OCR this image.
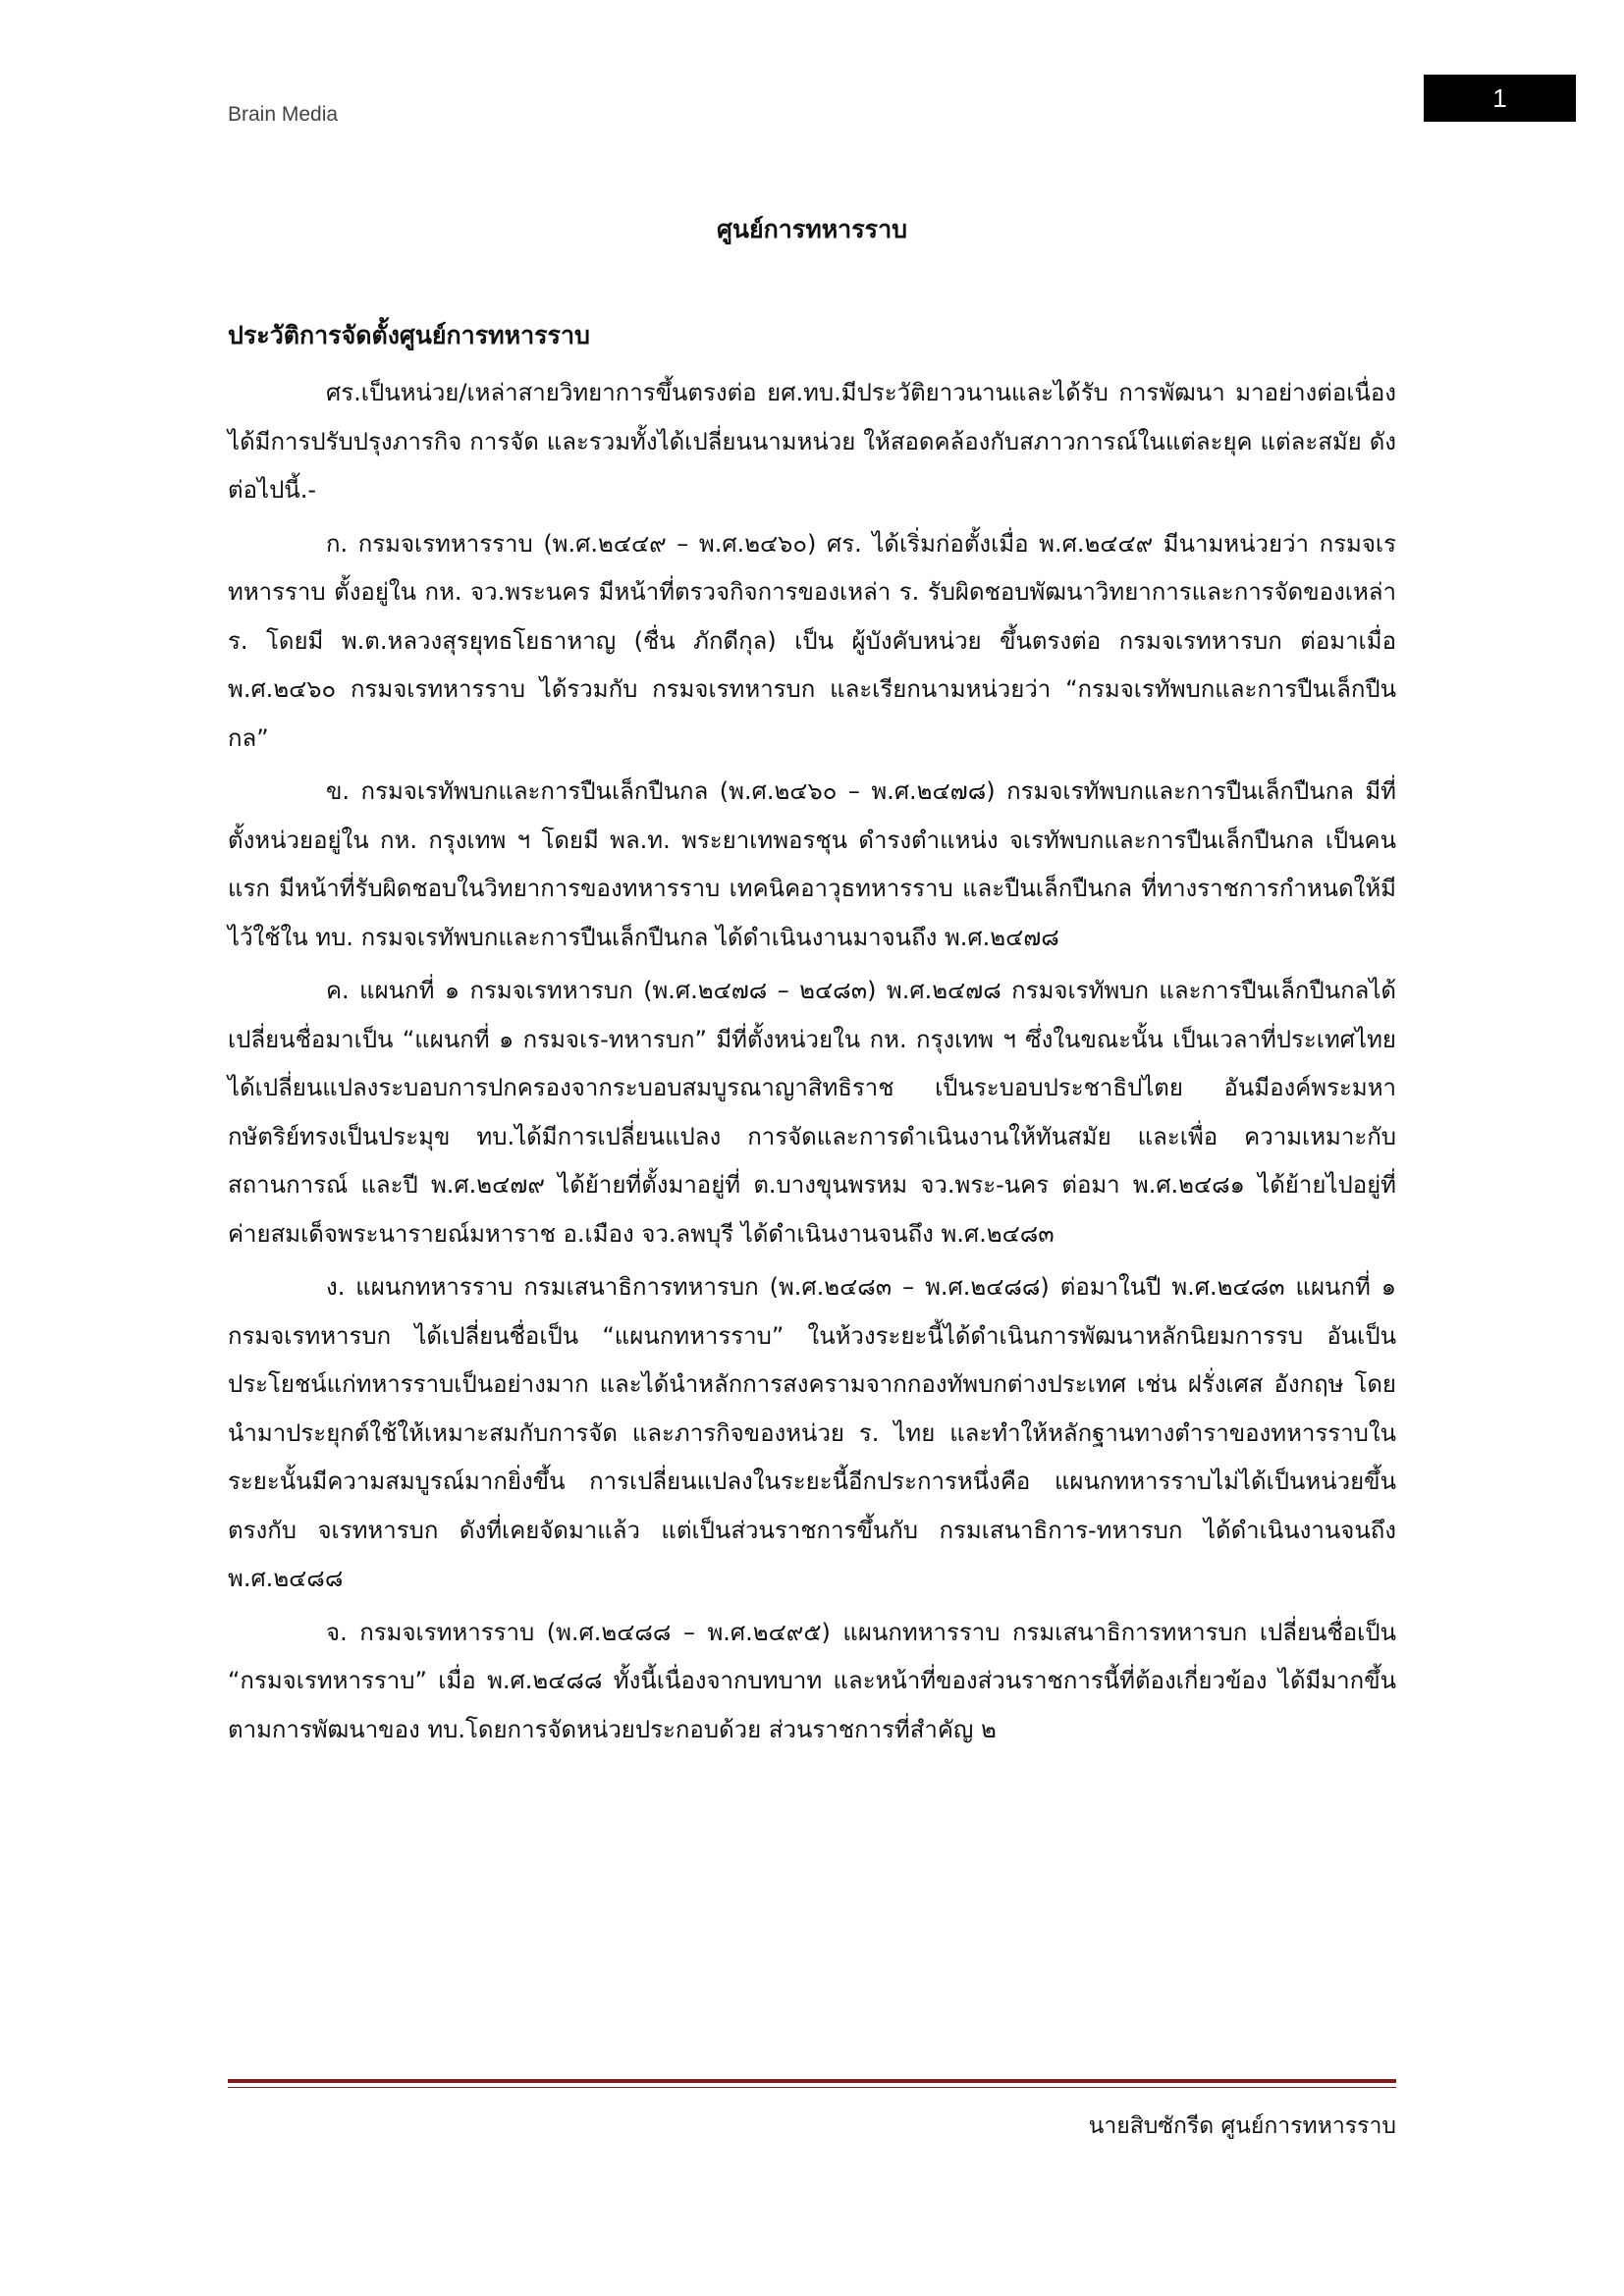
Brain Media
1
ศูนย์การทหารราบ
ประวัติการจัดตั้งศูนย์การทหารราบ

ศร.เป็นหน่วย/เหล่าสายวิทยาการขึ้นตรงต่อ ยศ.ทบ.มีประวัติยาวนานและได้รับ การพัฒนา มาอย่างต่อเนื่อง ได้มีการปรับปรุงภารกิจ การจัด และรวมทั้งได้เปลี่ยนนามหน่วย ให้สอดคล้องกับสภาวการณ์ในแต่ละยุค แต่ละสมัย ดังต่อไปนี้.-

ก. กรมจเรทหารราบ (พ.ศ.๒๔๔๙ – พ.ศ.๒๔๖๐) ศร. ได้เริ่มก่อตั้งเมื่อ พ.ศ.๒๔๔๙ มีนามหน่วยว่า กรมจเรทหารราบ ตั้งอยู่ใน กห. จว.พระนคร มีหน้าที่ตรวจกิจการของเหล่า ร. รับผิดชอบพัฒนาวิทยาการและการจัดของเหล่า ร. โดยมี พ.ต.หลวงสุรยุทธโยธาหาญ (ชื่น ภักดีกุล) เป็น ผู้บังคับหน่วย ขึ้นตรงต่อ กรมจเรทหารบก ต่อมาเมื่อ พ.ศ.๒๔๖๐ กรมจเรทหารราบ ได้รวมกับ กรมจเรทหารบก และเรียกนามหน่วยว่า “กรมจเรทัพบกและการปืนเล็กปืนกล”

ข. กรมจเรทัพบกและการปืนเล็กปืนกล (พ.ศ.๒๔๖๐ – พ.ศ.๒๔๗๘) กรมจเรทัพบกและการปืนเล็กปืนกล มีที่ตั้งหน่วยอยู่ใน กห. กรุงเทพ ฯ โดยมี พล.ท. พระยาเทพอรชุน ดำรงตำแหน่ง จเรทัพบกและการปืนเล็กปืนกล เป็นคนแรก มีหน้าที่รับผิดชอบในวิทยาการของทหารราบ เทคนิคอาวุธทหารราบ และปืนเล็กปืนกล ที่ทางราชการกำหนดให้มีไว้ใช้ใน ทบ. กรมจเรทัพบกและการปืนเล็กปืนกล ได้ดำเนินงานมาจนถึง พ.ศ.๒๔๗๘

ค. แผนกที่ ๑ กรมจเรทหารบก (พ.ศ.๒๔๗๘ – ๒๔๘๓) พ.ศ.๒๔๗๘ กรมจเรทัพบก และการปืนเล็กปืนกลได้เปลี่ยนชื่อมาเป็น “แผนกที่ ๑ กรมจเร-ทหารบก” มีที่ตั้งหน่วยใน กห. กรุงเทพ ฯ ซึ่งในขณะนั้น เป็นเวลาที่ประเทศไทยได้เปลี่ยนแปลงระบอบการปกครองจากระบอบสมบูรณาญาสิทธิราช เป็นระบอบประชาธิปไตย อันมีองค์พระมหากษัตริย์ทรงเป็นประมุข ทบ.ได้มีการเปลี่ยนแปลง การจัดและการดำเนินงานให้ทันสมัย และเพื่อ ความเหมาะกับสถานการณ์ และปี พ.ศ.๒๔๗๙ ได้ย้ายที่ตั้งมาอยู่ที่ ต.บางขุนพรหม จว.พระ-นคร ต่อมา พ.ศ.๒๔๘๑ ได้ย้ายไปอยู่ที่ ค่ายสมเด็จพระนารายณ์มหาราช อ.เมือง จว.ลพบุรี ได้ดำเนินงานจนถึง พ.ศ.๒๔๘๓

ง. แผนกทหารราบ กรมเสนาธิการทหารบก (พ.ศ.๒๔๘๓ – พ.ศ.๒๔๘๘) ต่อมาในปี พ.ศ.๒๔๘๓ แผนกที่ ๑ กรมจเรทหารบก ได้เปลี่ยนชื่อเป็น “แผนกทหารราบ” ในห้วงระยะนี้ได้ดำเนินการพัฒนาหลักนิยมการรบ อันเป็นประโยชน์แก่ทหารราบเป็นอย่างมาก และได้นำหลักการสงครามจากกองทัพบกต่างประเทศ เช่น ฝรั่งเศส อังกฤษ โดยนำมาประยุกต์ใช้ให้เหมาะสมกับการจัด และภารกิจของหน่วย ร. ไทย และทำให้หลักฐานทางตำราของทหารราบในระยะนั้นมีความสมบูรณ์มากยิ่งขึ้น การเปลี่ยนแปลงในระยะนี้อีกประการหนึ่งคือ แผนกทหารราบไม่ได้เป็นหน่วยขึ้นตรงกับ จเรทหารบก ดังที่เคยจัดมาแล้ว แต่เป็นส่วนราชการขึ้นกับ กรมเสนาธิการ-ทหารบก ได้ดำเนินงานจนถึง พ.ศ.๒๔๘๘

จ. กรมจเรทหารราบ (พ.ศ.๒๔๘๘ – พ.ศ.๒๔๙๕) แผนกทหารราบ กรมเสนาธิการทหารบก เปลี่ยนชื่อเป็น “กรมจเรทหารราบ” เมื่อ พ.ศ.๒๔๘๘ ทั้งนี้เนื่องจากบทบาท และหน้าที่ของส่วนราชการนี้ที่ต้องเกี่ยวข้อง ได้มีมากขึ้นตามการพัฒนาของ ทบ.โดยการจัดหน่วยประกอบด้วย ส่วนราชการที่สำคัญ ๒

นายสิบซักรีด ศูนย์การทหารราบ
